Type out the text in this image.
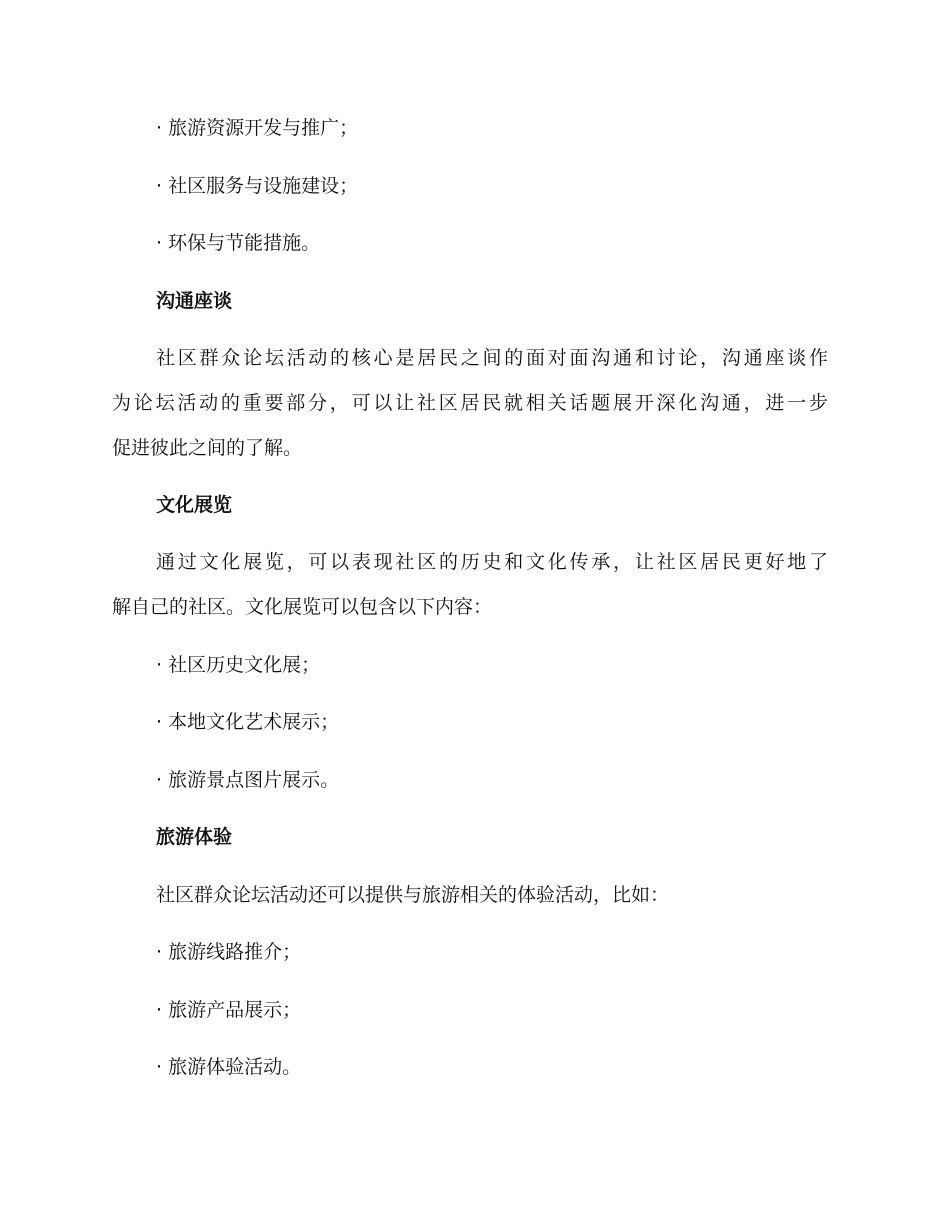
· 旅游资源开发与推广；
· 社区服务与设施建设；
· 环保与节能措施。
沟通座谈
社区群众论坛活动的核心是居民之间的面对面沟通和讨论，沟通座谈作
为论坛活动的重要部分，可以让社区居民就相关话题展开深化沟通，进一步
促进彼此之间的了解。
文化展览
通过文化展览，可以表现社区的历史和文化传承，让社区居民更好地了
解自己的社区。文化展览可以包含以下内容：
· 社区历史文化展；
· 本地文化艺术展示；
· 旅游景点图片展示。
旅游体验
社区群众论坛活动还可以提供与旅游相关的体验活动，比如：
· 旅游线路推介；
· 旅游产品展示；
· 旅游体验活动。
